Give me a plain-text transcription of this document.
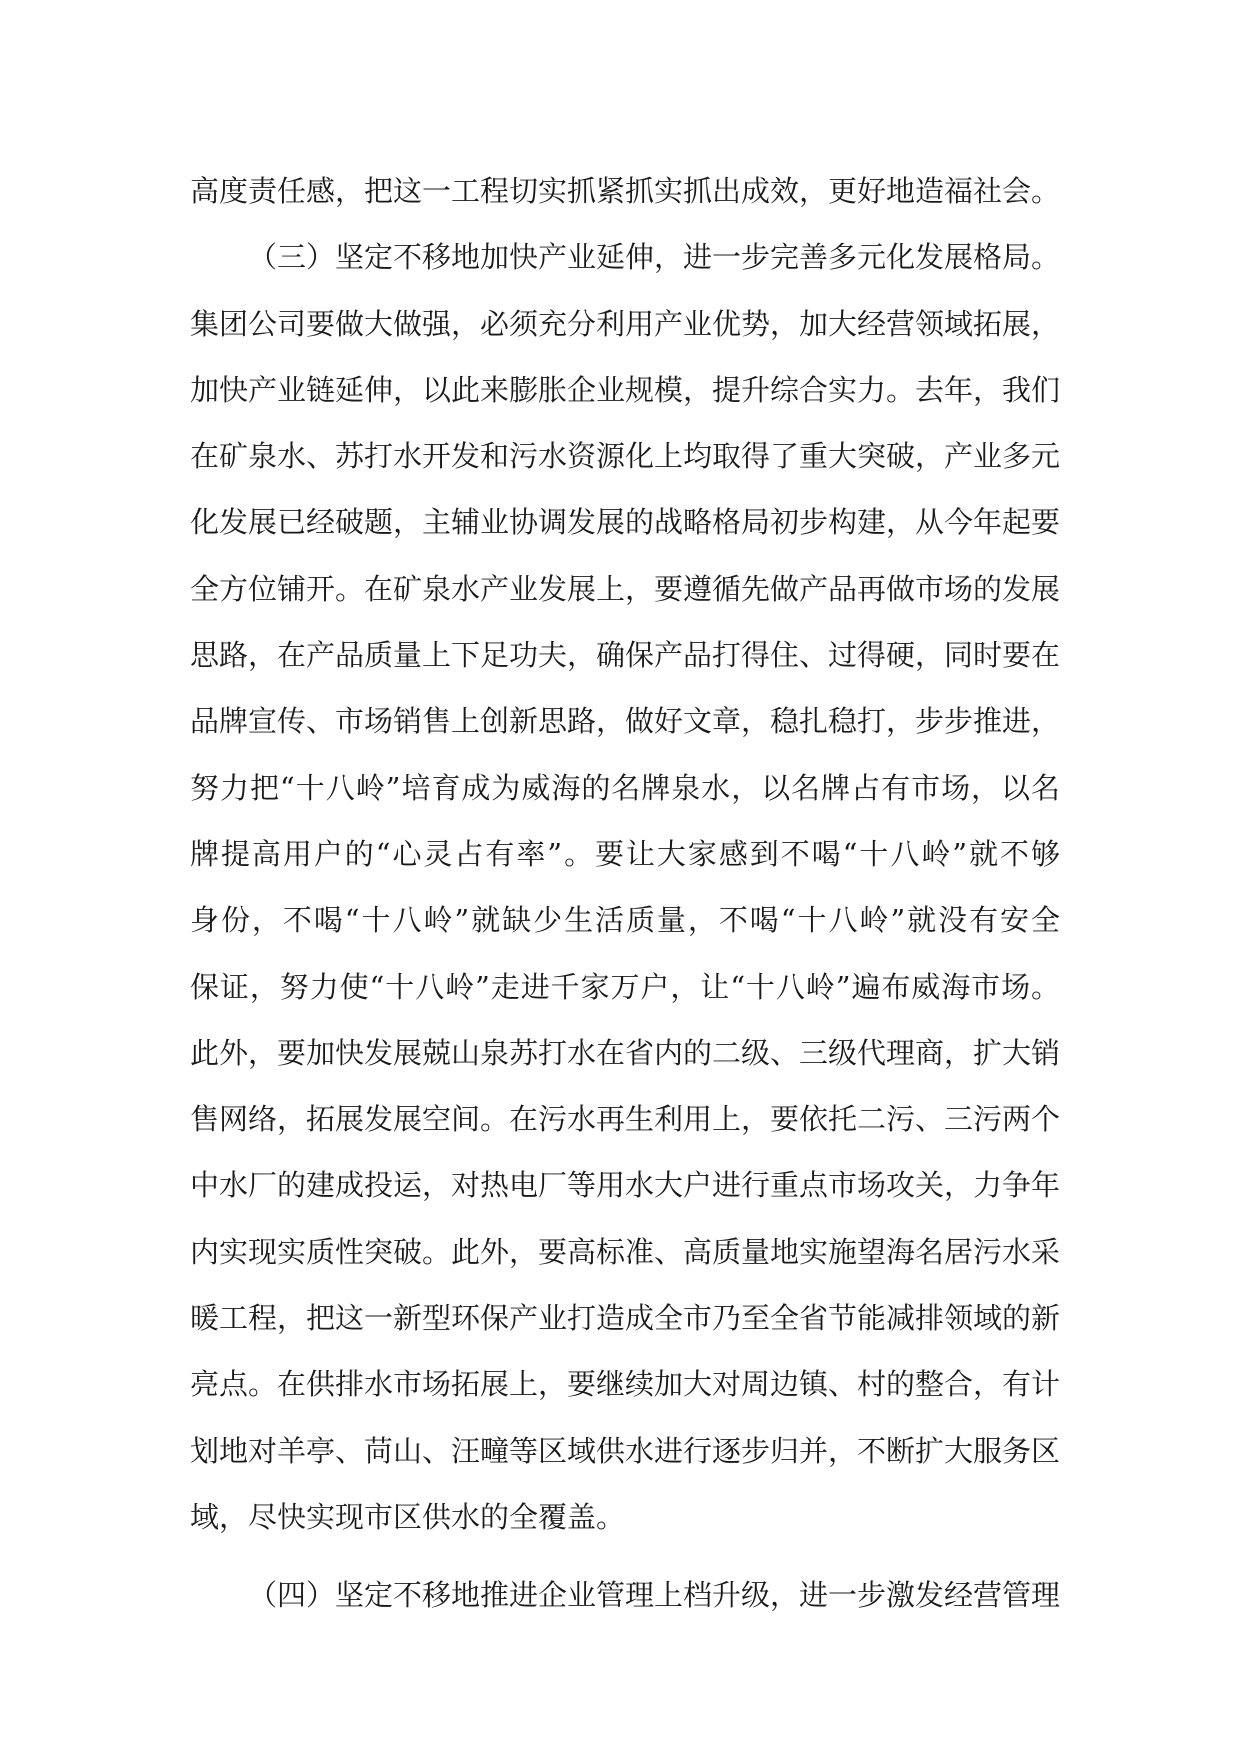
高度责任感，把这一工程切实抓紧抓实抓出成效，更好地造福社会。
（三）坚定不移地加快产业延伸，进一步完善多元化发展格局。
集团公司要做大做强，必须充分利用产业优势，加大经营领域拓展，
加快产业链延伸，以此来膨胀企业规模，提升综合实力。去年，我们
在矿泉水、苏打水开发和污水资源化上均取得了重大突破，产业多元
化发展已经破题，主辅业协调发展的战略格局初步构建，从今年起要
全方位铺开。在矿泉水产业发展上，要遵循先做产品再做市场的发展
思路，在产品质量上下足功夫，确保产品打得住、过得硬，同时要在
品牌宣传、市场销售上创新思路，做好文章，稳扎稳打，步步推进，
努力把“十八岭”培育成为威海的名牌泉水，以名牌占有市场，以名
牌提高用户的“心灵占有率”。要让大家感到不喝“十八岭”就不够
身份，不喝“十八岭”就缺少生活质量，不喝“十八岭”就没有安全
保证，努力使“十八岭”走进千家万户，让“十八岭”遍布威海市场。
此外，要加快发展兢山泉苏打水在省内的二级、三级代理商，扩大销
售网络，拓展发展空间。在污水再生利用上，要依托二污、三污两个
中水厂的建成投运，对热电厂等用水大户进行重点市场攻关，力争年
内实现实质性突破。此外，要高标准、高质量地实施望海名居污水采
暖工程，把这一新型环保产业打造成全市乃至全省节能减排领域的新
亮点。在供排水市场拓展上，要继续加大对周边镇、村的整合，有计
划地对羊亭、苘山、汪疃等区域供水进行逐步归并，不断扩大服务区
域，尽快实现市区供水的全覆盖。
（四）坚定不移地推进企业管理上档升级，进一步激发经营管理
